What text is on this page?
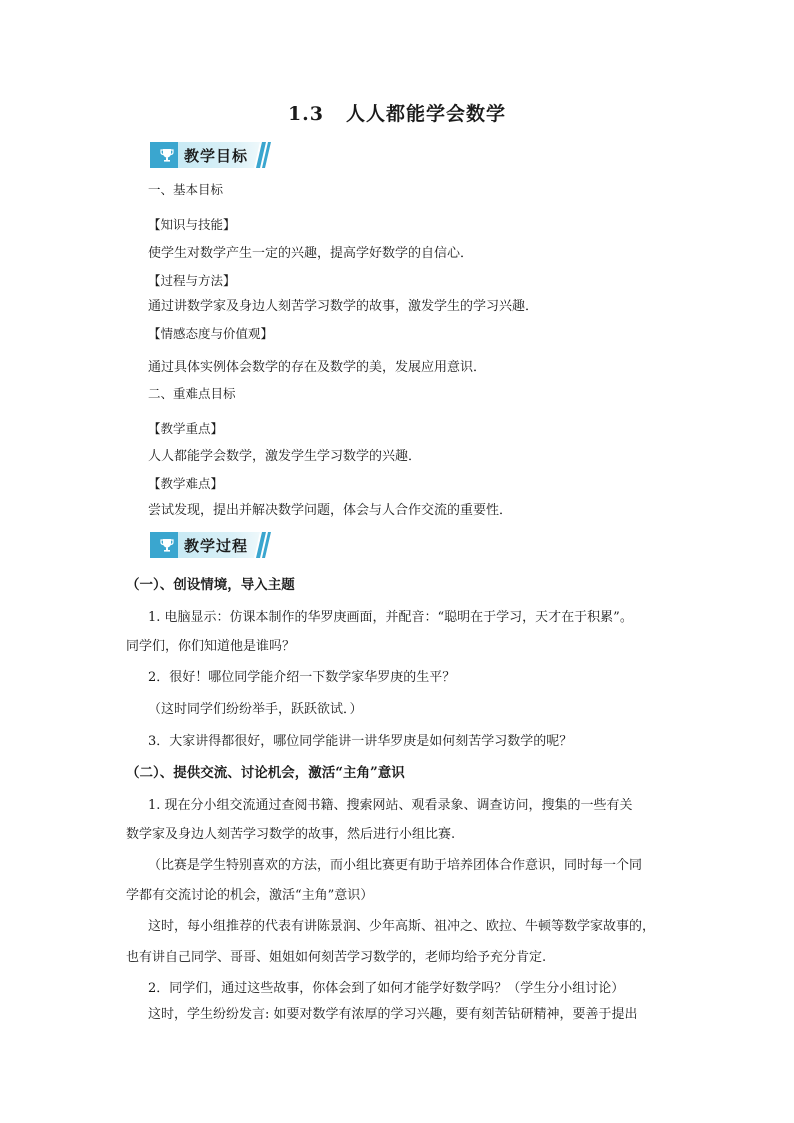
1.3 人人都能学会数学
教学目标
一、基本目标
【知识与技能】
使学生对数学产生一定的兴趣，提高学好数学的自信心．
【过程与方法】
通过讲数学家及身边人刻苦学习数学的故事，激发学生的学习兴趣．
【情感态度与价值观】
通过具体实例体会数学的存在及数学的美，发展应用意识．
二、重难点目标
【教学重点】
人人都能学会数学，激发学生学习数学的兴趣．
【教学难点】
尝试发现，提出并解决数学问题，体会与人合作交流的重要性．
教学过程
（一）、创设情境，导入主题
1. 电脑显示：仿课本制作的华罗庚画面，并配音：“聪明在于学习，天才在于积累”。
同学们，你们知道他是谁吗？
2．很好！哪位同学能介绍一下数学家华罗庚的生平？
（这时同学们纷纷举手，跃跃欲试．）
3．大家讲得都很好，哪位同学能讲一讲华罗庚是如何刻苦学习数学的呢？
（二）、提供交流、讨论机会，激活“主角”意识
1. 现在分小组交流通过查阅书籍、搜索网站、观看录象、调查访问，搜集的一些有关
数学家及身边人刻苦学习数学的故事，然后进行小组比赛.
（比赛是学生特别喜欢的方法，而小组比赛更有助于培养团体合作意识，同时每一个同
学都有交流讨论的机会，激活“主角”意识）
这时，每小组推荐的代表有讲陈景润、少年高斯、祖冲之、欧拉、牛顿等数学家故事的，
也有讲自己同学、哥哥、姐姐如何刻苦学习数学的，老师均给予充分肯定.
2．同学们，通过这些故事，你体会到了如何才能学好数学吗？（学生分小组讨论）
这时，学生纷纷发言: 如要对数学有浓厚的学习兴趣，要有刻苦钻研精神，要善于提出
